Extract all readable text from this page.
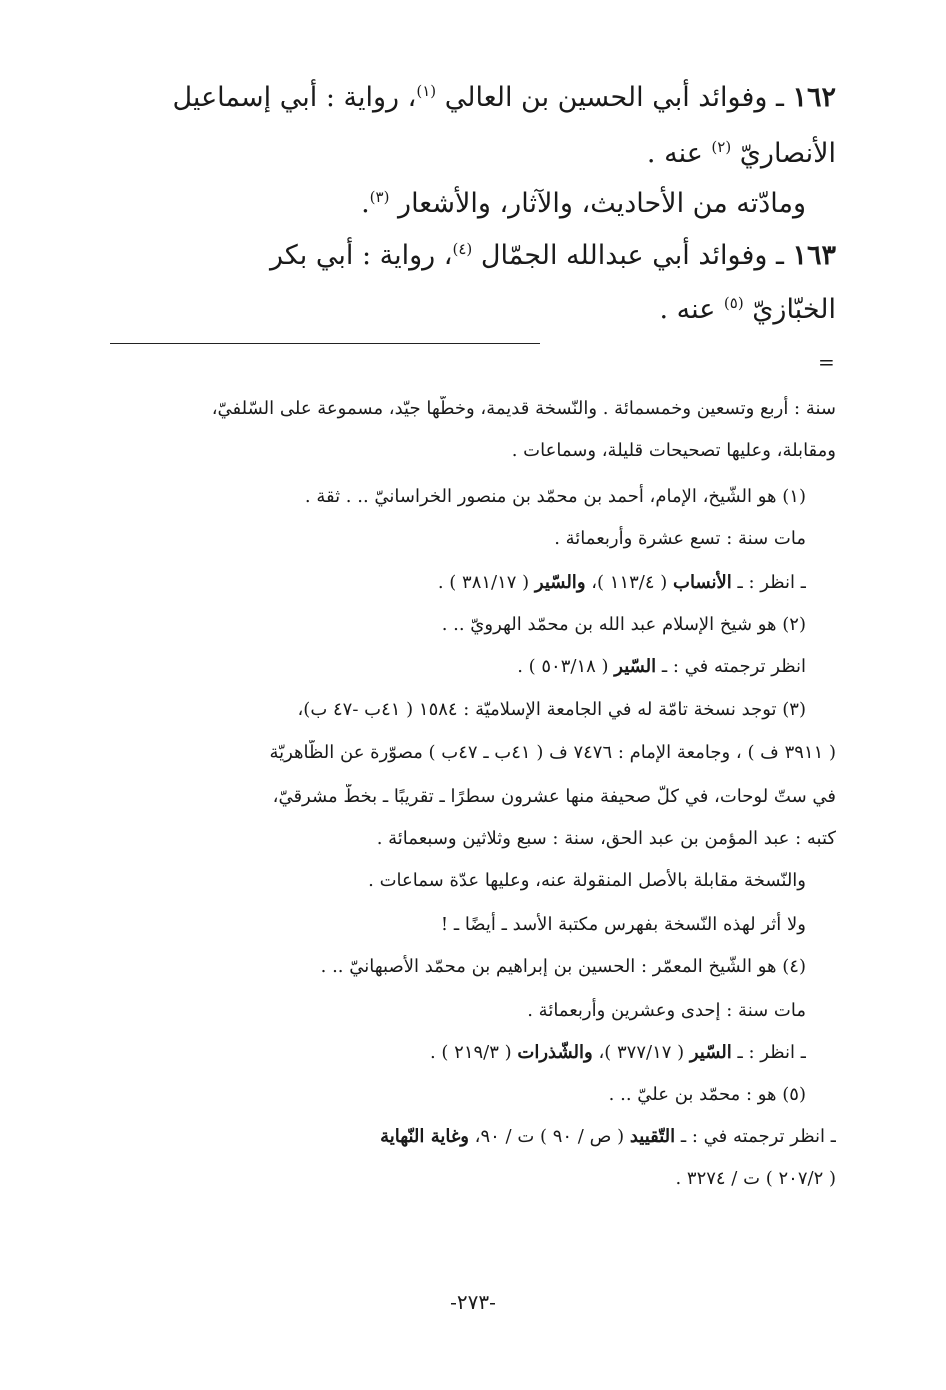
١٦٢ ـ وفوائد أبي الحسين بن العالي $^{(١)}$، رواية : أبي إسماعيل
الأنصاريّ $^{(٢)}$ عنه .
ومادّته من الأحاديث، والآثار، والأشعار $^{(٣)}$.
١٦٣ ـ وفوائد أبي عبدالله الجمّال $^{(٤)}$، رواية : أبي بكر
الخبّازيّ $^{(٥)}$ عنه .
=
سنة : أربع وتسعين وخمسمائة . والنّسخة قديمة، وخطّها جيّد، مسموعة على السّلفيّ،
ومقابلة، وعليها تصحيحات قليلة، وسماعات .
(١) هو الشّيخ، الإمام، أحمد بن محمّد بن منصور الخراسانيّ .. . ثقة .
مات سنة : تسع عشرة وأربعمائة .
ـ انظر : ـ الأنساب ( ١١٣/٤ )، والسّير ( ٣٨١/١٧ ) .
(٢) هو شيخ الإسلام عبد الله بن محمّد الهرويّ .. .
انظر ترجمته في : ـ السّير ( ٥٠٣/١٨ ) .
(٣) توجد نسخة تامّة له في الجامعة الإسلاميّة : ١٥٨٤ ( ٤١ب -٤٧ ب)،
( ٣٩١١ ف ) ، وجامعة الإمام : ٧٤٧٦ ف ( ٤١ب ـ ٤٧ب ) مصوّرة عن الظّاهريّة
في ستّ لوحات، في كلّ صحيفة منها عشرون سطرًا ـ تقريبًا ـ بخطّ مشرقيّ،
كتبه : عبد المؤمن بن عبد الحق، سنة : سبع وثلاثين وسبعمائة .
والنّسخة مقابلة بالأصل المنقولة عنه، وعليها عدّة سماعات .
ولا أثر لهذه النّسخة بفهرس مكتبة الأسد ـ أيضًا ـ !
(٤) هو الشّيخ المعمّر : الحسين بن إبراهيم بن محمّد الأصبهانيّ .. .
مات سنة : إحدى وعشرين وأربعمائة .
ـ انظر : ـ السّير ( ٣٧٧/١٧ )، والشّذرات ( ٢١٩/٣ ) .
(٥) هو : محمّد بن عليّ .. .
ـ انظر ترجمته في : ـ التّقييد ( ص / ٩٠ ) ت / ٩٠، وغاية النّهاية
( ٢٠٧/٢ ) ت / ٣٢٧٤ .
-٢٧٣-
